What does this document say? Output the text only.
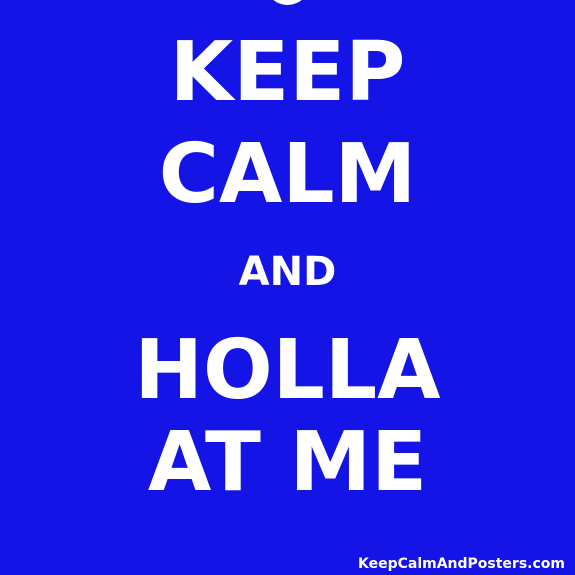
KEEP
CALM
AND
HOLLA
AT ME
KeepCalmAndPosters.com
